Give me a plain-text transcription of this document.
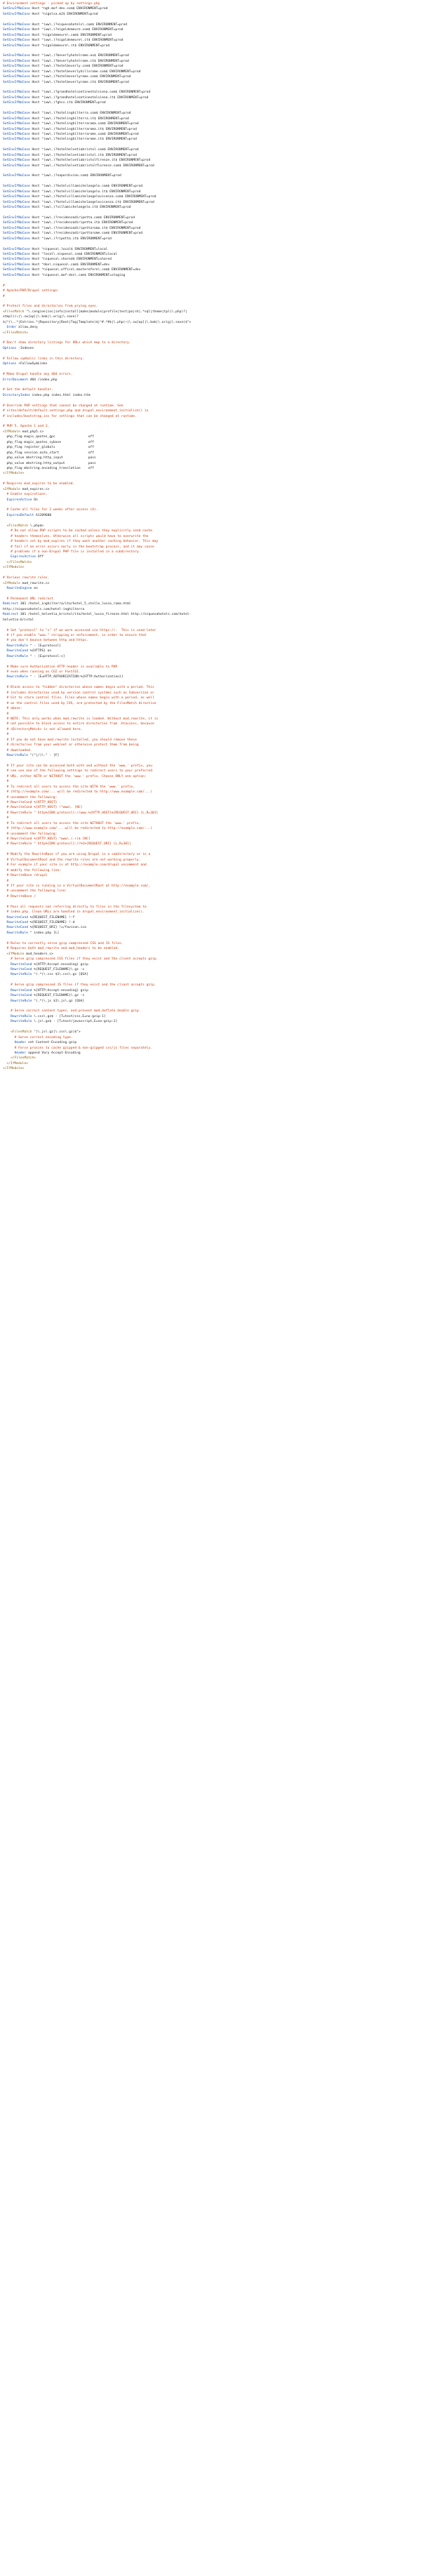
# Environment settings - picked up by settings.php
SetEnvIfNoCase Host ^ngh.mof-dev.com$ ENVIRONMENT=prod
SetEnvIfNoCase Host ^nigelsa.m2$ ENVIRONMENT=prod

SetEnvIfNoCase Host ^(ww\.)?niquesahotels\.com$ ENVIRONMENT=prod
SetEnvIfNoCase Host ^(ww\.)?nigaldemeure.com$ ENVIRONMENT=prod
SetEnvIfNoCase Host ^nigaldemeure\.com$ ENVIRONMENT=prod
SetEnvIfNoCase Host ^(ww\.)?nigaldemeure\.it$ ENVIRONMENT=prod
SetEnvIfNoCase Host ^nigaldemeure\.it$ ENVIRONMENT=prod

SetEnvIfNoCase Host ^(ww\.)?beverlyhotelrome.eu$ ENVIRONMENT=prod
SetEnvIfNoCase Host ^(ww\.)?beverlyhotelrome.it$ ENVIRONMENT=prod
SetEnvIfNoCase Host ^(ww\.)?hotelbeverly.com$ ENVIRONMENT=prod
SetEnvIfNoCase Host ^(ww\.)?hotelbeverlyhillsrome.com$ ENVIRONMENT=prod
SetEnvIfNoCase Host ^(ww\.)?hotelbeverlyrome.com$ ENVIRONMENT=prod
SetEnvIfNoCase Host ^(ww\.)?hotelbeverlyrome.it$ ENVIRONMENT=prod

SetEnvIfNoCase Host ^(ww\.)?grandhotelcontinentalsiena.com$ ENVIRONMENT=prod
SetEnvIfNoCase Host ^(ww\.)?grandhotelcontinentalsiena.it$ ENVIRONMENT=prod
SetEnvIfNoCase Host ^(ww\.)?ghcs.it$ ENVIRONMENT=prod

SetEnvIfNoCase Host ^(ww\.)?hotelinghilterra.com$ ENVIRONMENT=prod
SetEnvIfNoCase Host ^(ww\.)?hotelinghilterra.it$ ENVIRONMENT=prod
SetEnvIfNoCase Host ^(ww\.)?hotelinghilterraroma.com$ ENVIRONMENT=prod
SetEnvIfNoCase Host ^(ww\.)?hotelinghilterraroma.it$ ENVIRONMENT=prod
SetEnvIfNoCase Host ^(ww\.)?hotelinghilterrarome.com$ ENVIRONMENT=prod
SetEnvIfNoCase Host ^(ww\.)?hotelinghilterrarome.it$ ENVIRONMENT=prod

SetEnvIfNoCase Host ^(ww\.)?hotelhelvetiabristol.com$ ENVIRONMENT=prod
SetEnvIfNoCase Host ^(ww\.)?hotelhelvetiabristol.it$ ENVIRONMENT=prod
SetEnvIfNoCase Host ^(ww\.)?hotelhelvetiabristolfirenze.it$ ENVIRONMENT=prod
SetEnvIfNoCase Host ^(ww\.)?hotelhelvetiabristolflorence.com$ ENVIRONMENT=prod

SetEnvIfNoCase Host ^(ww\.)?napordivino.com$ ENVIRONMENT=prod

SetEnvIfNoCase Host ^(ww\.)?hotelvillamichelangelo.com$ ENVIRONMENT=prod
SetEnvIfNoCase Host ^(ww\.)?hotelvillamichelangelo.it$ ENVIRONMENT=prod
SetEnvIfNoCase Host ^(ww\.)?hotelvillamichelangelovicenza.com$ ENVIRONMENT=prod
SetEnvIfNoCase Host ^(ww\.)?hotelvillamichelangelovicenza.it$ ENVIRONMENT=prod
SetEnvIfNoCase Host ^(ww\.)?villamichelangelo.it$ ENVIRONMENT=prod

SetEnvIfNoCase Host ^(ww\.)?residenzadiripetta.com$ ENVIRONMENT=prod
SetEnvIfNoCase Host ^(ww\.)?residenzadiripetta.it$ ENVIRONMENT=prod
SetEnvIfNoCase Host ^(ww\.)?residenzadiripettaroma.it$ ENVIRONMENT=prod
SetEnvIfNoCase Host ^(ww\.)?residenzadiripettarome.com$ ENVIRONMENT=prod
SetEnvIfNoCase Host ^(ww\.)?ripetta.it$ ENVIRONMENT=prod

SetEnvIfNoCase Host ^niquesa\.local$ ENVIRONMENT=local
SetEnvIfNoCase Host ^local\.niquesa\.com$ ENVIRONMENT=local
SetEnvIfNoCase Host ^niquesa\.shared$ ENVIRONMENT=shared
SetEnvIfNoCase Host ^dev\.niquesa\.com$ ENVIRONMENT=dev
SetEnvIfNoCase Host ^niquesa\.office\.masterofore\.com$ ENVIRONMENT=dev
SetEnvIfNoCase Host ^niquesa\.mof-dev\.com$ ENVIRONMENT=staging

#
# Apache/PHP/Drupal settings:
#

# Protect files and directories from prying eyes.
<FilesMatch "\.(engine|inc|info|install|make|module|profile|test|po|sh|.*sql|theme|tpl(\.php)?|
xtmpl)(~|\.sw[op]|\.bak|\.orig|\.save)?
$|^(\..*|Entries.*|Repository|Root|Tag|Template)$|^#.*#$|\.php(~|\.sw[op]|\.bak|\.orig|\.save)$">
Order allow,deny
</FilesMatch>

# Don't show directory listings for URLs which map to a directory.
Options -Indexes

# Follow symbolic links in this directory.
Options +FollowSymLinks

# Make Drupal handle any 404 errors.
ErrorDocument 404 /index.php

# Set the default handler.
DirectoryIndex index.php index.html index.htm

# Override PHP settings that cannot be changed at runtime. See
# sites/default/default.settings.php and drupal_environment_initialize() in
# includes/bootstrap.inc for settings that can be changed at runtime.

# PHP 5, Apache 1 and 2.
<IfModule mod_php5.c>
php_flag magic_quotes_gpc                 off
php_flag magic_quotes_sybase              off
php_flag register_globals                 off
php_flag session.auto_start               off
php_value mbstring.http_input             pass
php_value mbstring.http_output            pass
php_flag mbstring.encoding_translation    off
</IfModule>

# Requires mod_expires to be enabled.
<IfModule mod_expires.c>
# Enable expirations.
ExpiresActive On

# Cache all files for 2 weeks after access (A).
ExpiresDefault A1209600

<FilesMatch \.php$>
# Do not allow PHP scripts to be cached unless they explicitly send cache
# headers themselves. Otherwise all scripts would have to overwrite the
# headers set by mod_expires if they want another caching behavior. This may
# fail if an error occurs early in the bootstrap process, and it may cause
# problems if a non-Drupal PHP file is installed in a subdirectory.
ExpiresActive Off
</FilesMatch>
</IfModule>

# Various rewrite rules.
<IfModule mod_rewrite.c>
RewriteEngine on

# Permanent URL redirect
Redirect 301 /hotel_inghilterra/ita/hotel_5_stelle_lusso_roma.html
http://niquesahotels.com/hotel-inghilterra
Redirect 301 /hotel_helvetia_bristol/ita/hotel_lusso_firenze.html http://niquesahotels.com/hotel-
helvetia-bristol

# Set "protossl" to "s" if we were accessed via https://.  This is used later
# if you enable "www." stripping or enforcement, in order to ensure that
# you don't bounce between http and https.
RewriteRule ^ - [E=protossl]
RewriteCond %{HTTPS} on
RewriteRule ^ - [E=protossl:s]

# Make sure Authorization HTTP header is available to PHP
# even when running as CGI or FastCGI.
RewriteRule ^ - [E=HTTP_AUTHORIZATION:%{HTTP:Authorization}]

# Block access to "hidden" directories whose names begin with a period. This
# includes directories used by version control systems such as Subversion or
# Git to store control files. Files whose names begin with a period, as well
# as the control files used by CVS, are protected by the FilesMatch directive
# above.
#
# NOTE: This only works when mod_rewrite is loaded. Without mod_rewrite, it is
# not possible to block access to entire directories from .htaccess, because
# <DirectoryMatch> is not allowed here.
#
# If you do not have mod_rewrite installed, you should remove these
# directories from your webroot or otherwise protect them from being
# downloaded.
RewriteRule "(^|/)\." - [F]

# If your site can be accessed both with and without the 'www.' prefix, you
# can use one of the following settings to redirect users to your preferred
# URL, either WITH or WITHOUT the 'www.' prefix. Choose ONLY one option:
#
# To redirect all users to access the site WITH the 'www.' prefix,
# (http://example.com/... will be redirected to http://www.example.com/...)
# uncomment the following:
# RewriteCond %{HTTP_HOST} .
# RewriteCond %{HTTP_HOST} !^www\. [NC]
# RewriteRule ^ http%{ENV:protossl}://www.%{HTTP_HOST}%{REQUEST_URI} [L,R=301]
#
# To redirect all users to access the site WITHOUT the 'www.' prefix,
# (http://www.example.com/... will be redirected to http://example.com/...)
# uncomment the following:
# RewriteCond %{HTTP_HOST} ^www\.(.+)$ [NC]
# RewriteRule ^ http%{ENV:protossl}://%1%{REQUEST_URI} [L,R=301]

# Modify the RewriteBase if you are using Drupal in a subdirectory or in a
# VirtualDocumentRoot and the rewrite rules are not working properly.
# For example if your site is at http://example.com/drupal uncomment and
# modify the following line:
# RewriteBase /drupal
#
# If your site is running in a VirtualDocumentRoot at http://example.com/,
# uncomment the following line:
# RewriteBase /

# Pass all requests not referring directly to files in the filesystem to
# index.php. Clean URLs are handled in drupal_environment_initialize().
RewriteCond %{REQUEST_FILENAME} !-f
RewriteCond %{REQUEST_FILENAME} !-d
RewriteCond %{REQUEST_URI} !=/favicon.ico
RewriteRule ^ index.php [L]

# Rules to correctly serve gzip compressed CSS and JS files.
# Requires both mod_rewrite and mod_headers to be enabled.
<IfModule mod_headers.c>
# Serve gzip compressed CSS files if they exist and the client accepts gzip.
RewriteCond %{HTTP:Accept-encoding} gzip
RewriteCond %{REQUEST_FILENAME}\.gz -s
RewriteRule ^(.*)\.css $1\.css\.gz [QSA]

# Serve gzip compressed JS files if they exist and the client accepts gzip.
RewriteCond %{HTTP:Accept-encoding} gzip
RewriteCond %{REQUEST_FILENAME}\.gz -s
RewriteRule ^(.*)\.js $1\.js\.gz [QSA]

# Serve correct content types, and prevent mod_deflate double gzip.
RewriteRule \.css\.gz$ - [T=text/css,E=no-gzip:1]
RewriteRule \.js\.gz$ - [T=text/javascript,E=no-gzip:1]

<FilesMatch "(\.js\.gz|\.css\.gz)$">
# Serve correct encoding type.
Header set Content-Encoding gzip
# Force proxies to cache gzipped & non-gzipped css/js files separately.
Header append Vary Accept-Encoding
</FilesMatch>
</IfModule>
</IfModule>
